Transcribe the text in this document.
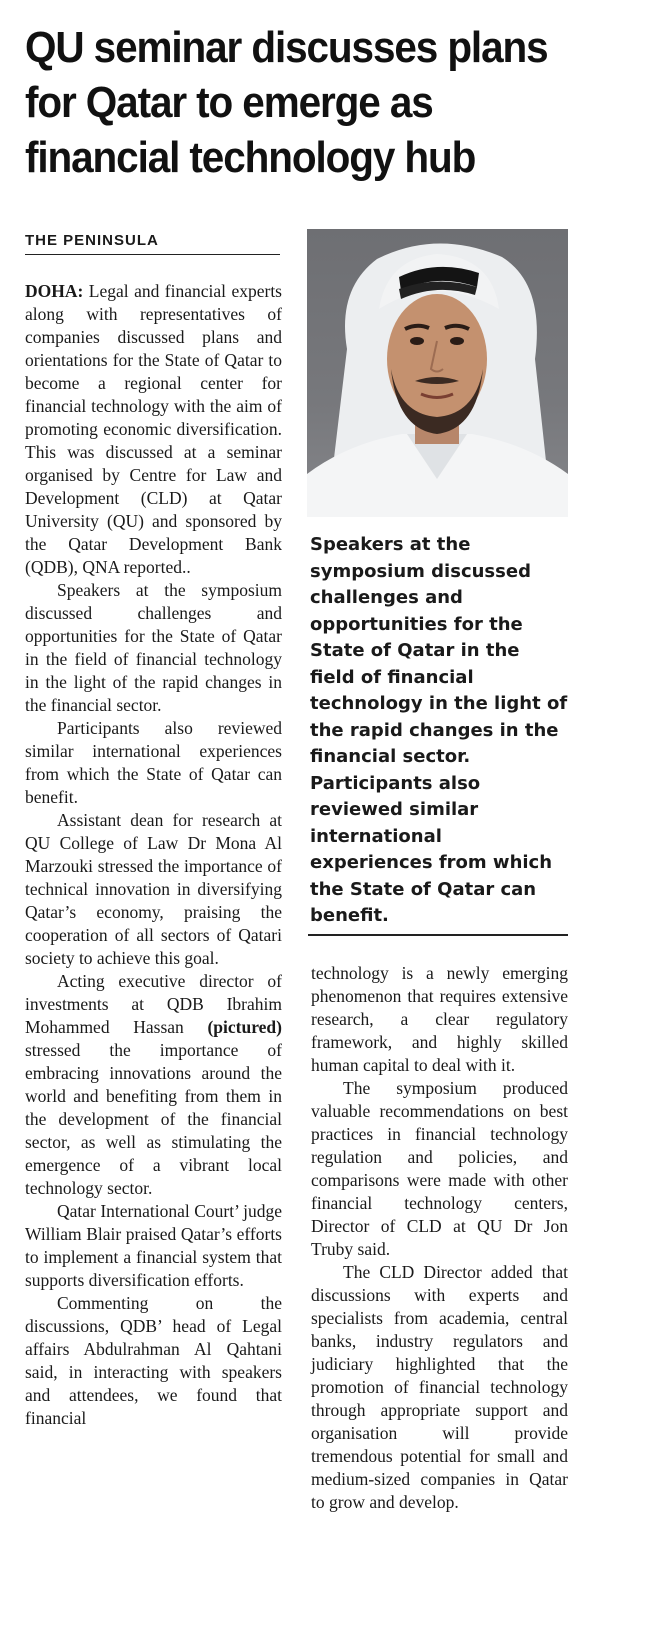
QU seminar discusses plans for Qatar to emerge as financial technology hub
THE PENINSULA

DOHA: Legal and financial experts along with representatives of companies discussed plans and orientations for the State of Qatar to become a regional center for financial technology with the aim of promoting economic diversification. This was discussed at a seminar organised by Centre for Law and Development (CLD) at Qatar University (QU) and sponsored by the Qatar Development Bank (QDB), QNA reported..

Speakers at the symposium discussed challenges and opportunities for the State of Qatar in the field of financial technology in the light of the rapid changes in the financial sector.

Participants also reviewed similar international experiences from which the State of Qatar can benefit.

Assistant dean for research at QU College of Law Dr Mona Al Marzouki stressed the importance of technical innovation in diversifying Qatar’s economy, praising the cooperation of all sectors of Qatari society to achieve this goal.

Acting executive director of investments at QDB Ibrahim Mohammed Hassan (pictured) stressed the importance of embracing innovations around the world and benefiting from them in the development of the financial sector, as well as stimulating the emergence of a vibrant local technology sector.

Qatar International Court’ judge William Blair praised Qatar’s efforts to implement a financial system that supports diversification efforts.

Commenting on the discussions, QDB’ head of Legal affairs Abdulrahman Al Qahtani said, in interacting with speakers and attendees, we found that financial

Speakers at the symposium discussed challenges and opportunities for the State of Qatar in the field of financial technology in the light of the rapid changes in the financial sector. Participants also reviewed similar international experiences from which the State of Qatar can benefit.

technology is a newly emerging phenomenon that requires extensive research, a clear regulatory framework, and highly skilled human capital to deal with it.

The symposium produced valuable recommendations on best practices in financial technology regulation and policies, and comparisons were made with other financial technology centers, Director of CLD at QU Dr Jon Truby said.

The CLD Director added that discussions with experts and specialists from academia, central banks, industry regulators and judiciary highlighted that the promotion of financial technology through appropriate support and organisation will provide tremendous potential for small and medium-sized companies in Qatar to grow and develop.
